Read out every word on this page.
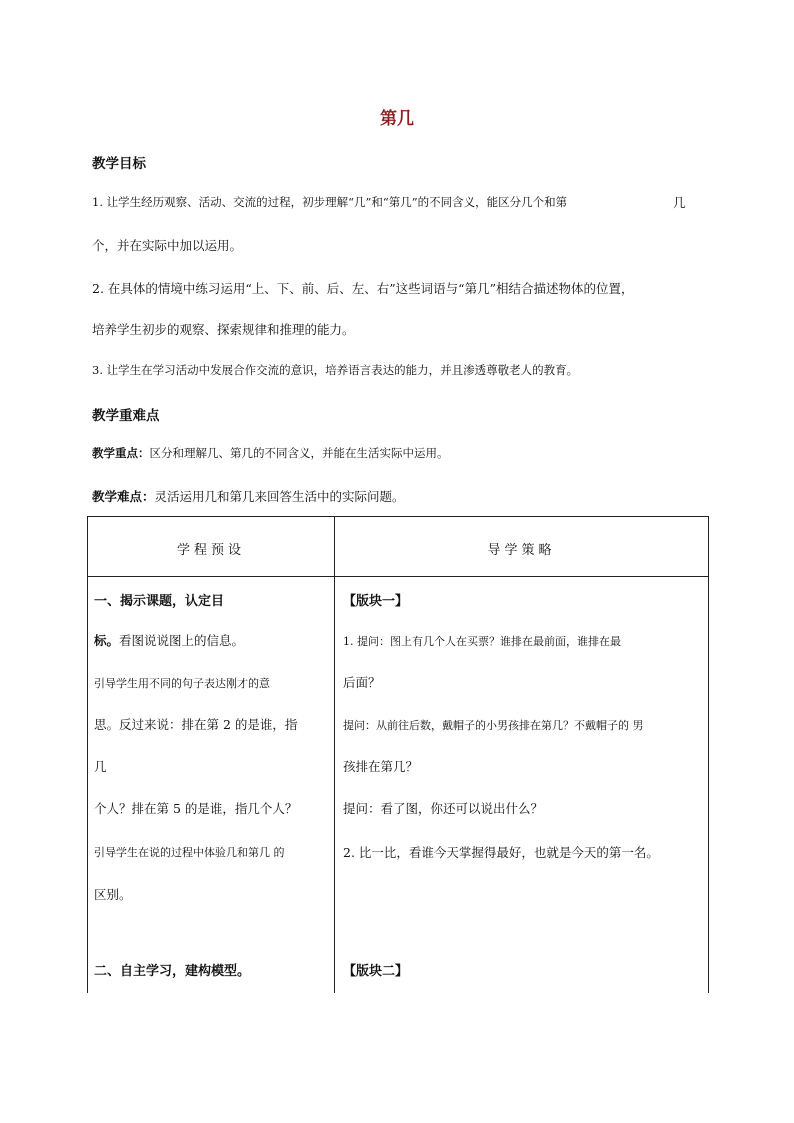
第几
教学目标
1. 让学生经历观察、活动、交流的过程，初步理解“几”和“第几”的不同含义，能区分几个和第	几
个，并在实际中加以运用。
2. 在具体的情境中练习运用“上、下、前、后、左、右”这些词语与“第几”相结合描述物体的位置，
培养学生初步的观察、探索规律和推理的能力。
3. 让学生在学习活动中发展合作交流的意识，培养语言表达的能力，并且渗透尊敬老人的教育。
教学重难点
教学重点：区分和理解几、第几的不同含义，并能在生活实际中运用。
教学难点：灵活运用几和第几来回答生活中的实际问题。
学程预设	导学策略
一、揭示课题，认定目
标。看图说说图上的信息。
引导学生用不同的句子表达刚才的意
思。反过来说：排在第 2 的是谁，指
几
个人？排在第 5 的是谁，指几个人？
引导学生在说的过程中体验几和第几 的
区别。
二、自主学习，建构模型。
【版块一】
1. 提问：图上有几个人在买票？谁排在最前面，谁排在最
后面？
提问：从前往后数，戴帽子的小男孩排在第几？不戴帽子的 男
孩排在第几？
提问：看了图，你还可以说出什么？
2. 比一比，看谁今天掌握得最好，也就是今天的第一名。
【版块二】
